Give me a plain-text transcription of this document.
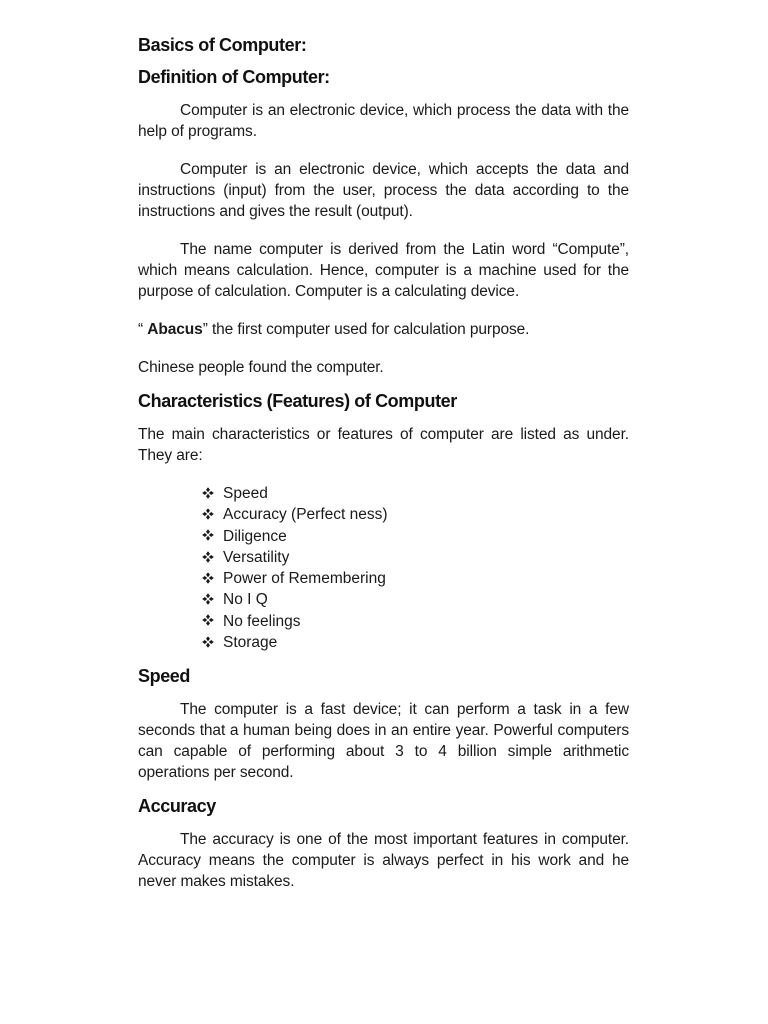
Basics of Computer:
Definition of Computer:

Computer is an electronic device, which process the data with the help of programs.

Computer is an electronic device, which accepts the data and instructions (input) from the user, process the data according to the instructions and gives the result (output).

The name computer is derived from the Latin word “Compute”, which means calculation. Hence, computer is a machine used for the purpose of calculation. Computer is a calculating device.

“ Abacus” the first computer used for calculation purpose.

Chinese people found the computer.

Characteristics (Features) of Computer

The main characteristics or features of computer are listed as under. They are:

Speed
Accuracy (Perfect ness)
Diligence
Versatility
Power of Remembering
No I Q
No feelings
Storage
Speed

The computer is a fast device; it can perform a task in a few seconds that a human being does in an entire year. Powerful computers can capable of performing about 3 to 4 billion simple arithmetic operations per second.

Accuracy

The accuracy is one of the most important features in computer. Accuracy means the computer is always perfect in his work and he never makes mistakes.
